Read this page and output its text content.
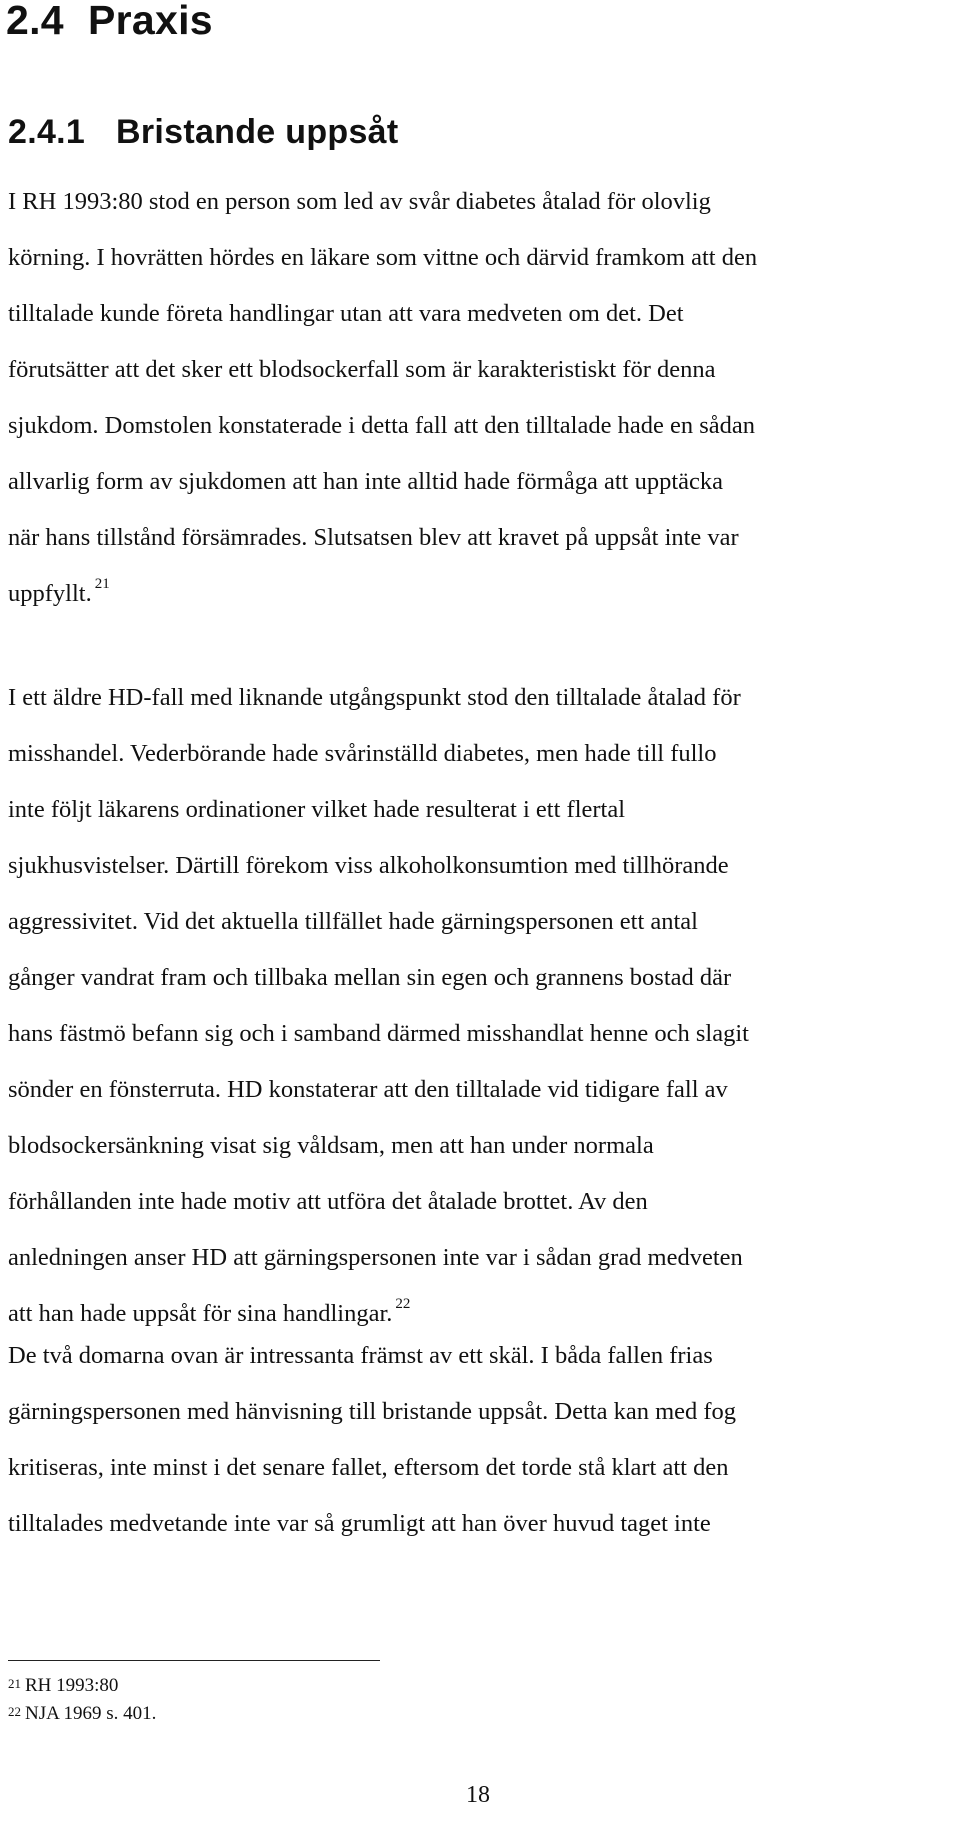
2.4 Praxis
2.4.1 Bristande uppsåt

I RH 1993:80 stod en person som led av svår diabetes åtalad för olovlig
körning. I hovrätten hördes en läkare som vittne och därvid framkom att den
tilltalade kunde företa handlingar utan att vara medveten om det. Det
förutsätter att det sker ett blodsockerfall som är karakteristiskt för denna
sjukdom. Domstolen konstaterade i detta fall att den tilltalade hade en sådan
allvarlig form av sjukdomen att han inte alltid hade förmåga att upptäcka
när hans tillstånd försämrades. Slutsatsen blev att kravet på uppsåt inte var
uppfyllt. $^{21}$

I ett äldre HD-fall med liknande utgångspunkt stod den tilltalade åtalad för
misshandel. Vederbörande hade svårinställd diabetes, men hade till fullo
inte följt läkarens ordinationer vilket hade resulterat i ett flertal
sjukhusvistelser. Därtill förekom viss alkoholkonsumtion med tillhörande
aggressivitet. Vid det aktuella tillfället hade gärningspersonen ett antal
gånger vandrat fram och tillbaka mellan sin egen och grannens bostad där
hans fästmö befann sig och i samband därmed misshandlat henne och slagit
sönder en fönsterruta. HD konstaterar att den tilltalade vid tidigare fall av
blodsockersänkning visat sig våldsam, men att han under normala
förhållanden inte hade motiv att utföra det åtalade brottet. Av den
anledningen anser HD att gärningspersonen inte var i sådan grad medveten
att han hade uppsåt för sina handlingar. $^{22}$

De två domarna ovan är intressanta främst av ett skäl. I båda fallen frias
gärningspersonen med hänvisning till bristande uppsåt. Detta kan med fog
kritiseras, inte minst i det senare fallet, eftersom det torde stå klart att den
tilltalades medvetande inte var så grumligt att han över huvud taget inte

$^{21}$ RH 1993:80
$^{22}$ NJA 1969 s. 401.
18
